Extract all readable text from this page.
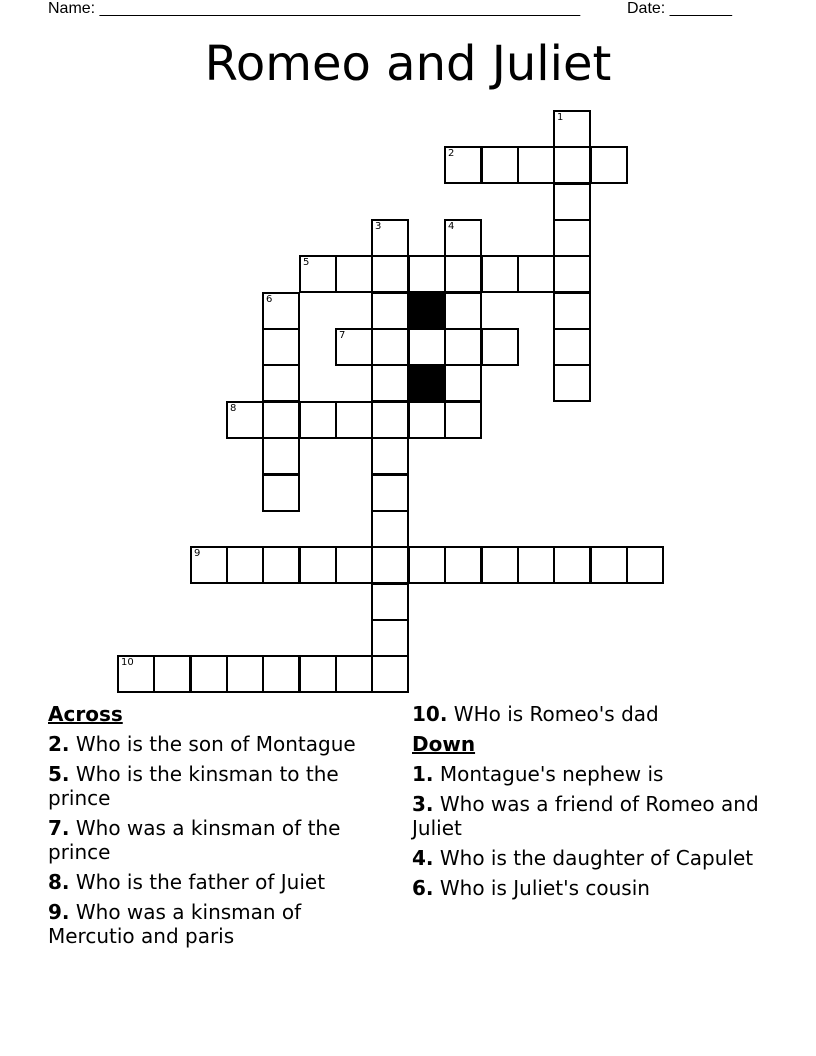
Name: ______________________________________________________	Date: _______
Romeo and Juliet
1
2
3	4
5
6
7
8
9
10
Across
2. Who is the son of Montague
5. Who is the kinsman to the prince
7. Who was a kinsman of the prince
8. Who is the father of Juiet
9. Who was a kinsman of Mercutio and paris
10. WHo is Romeo's dad
Down
1. Montague's nephew is
3. Who was a friend of Romeo and Juliet
4. Who is the daughter of Capulet
6. Who is Juliet's cousin
